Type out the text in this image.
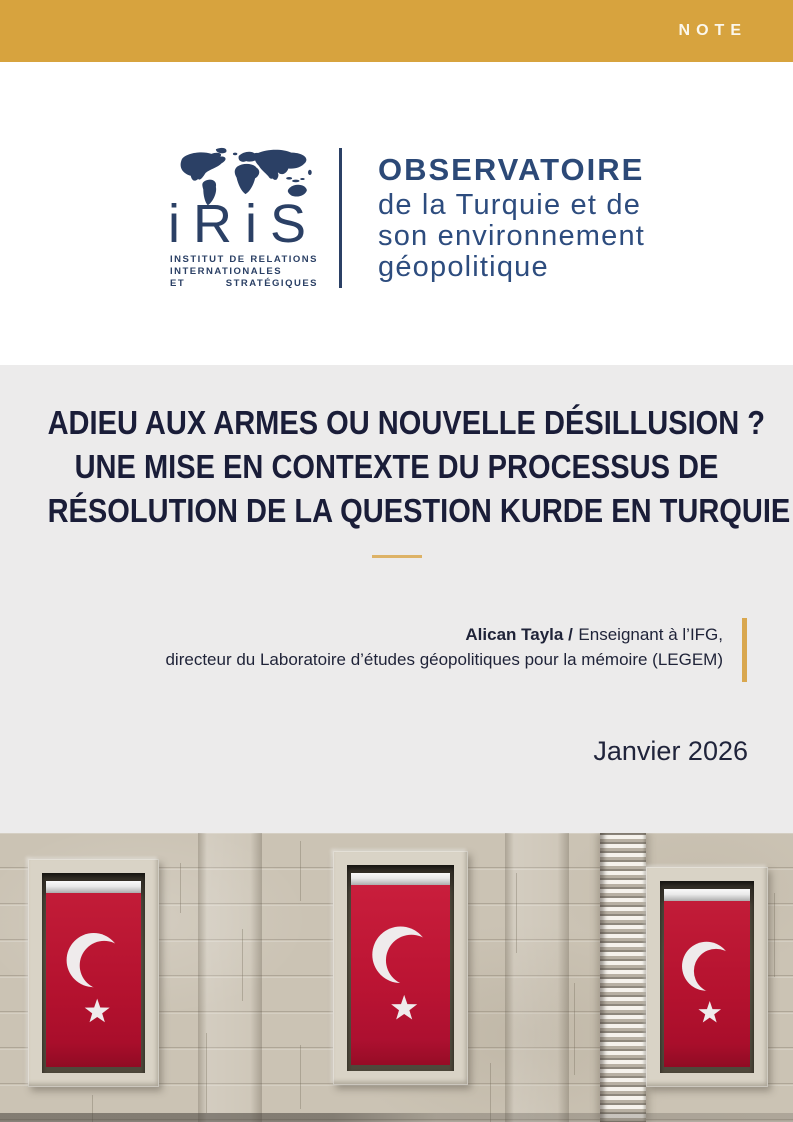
NOTE
iRiS
INSTITUT DE RELATIONS
INTERNATIONALES
ET STRATÉGIQUES
OBSERVATOIRE
de la Turquie et de
son environnement
géopolitique
ADIEU AUX ARMES OU NOUVELLE DÉSILLUSION ?
UNE MISE EN CONTEXTE DU PROCESSUS DE
RÉSOLUTION DE LA QUESTION KURDE EN TURQUIE
Alican Tayla / Enseignant à l’IFG,
directeur du Laboratoire d’études géopolitiques pour la mémoire (LEGEM)
Janvier 2026
